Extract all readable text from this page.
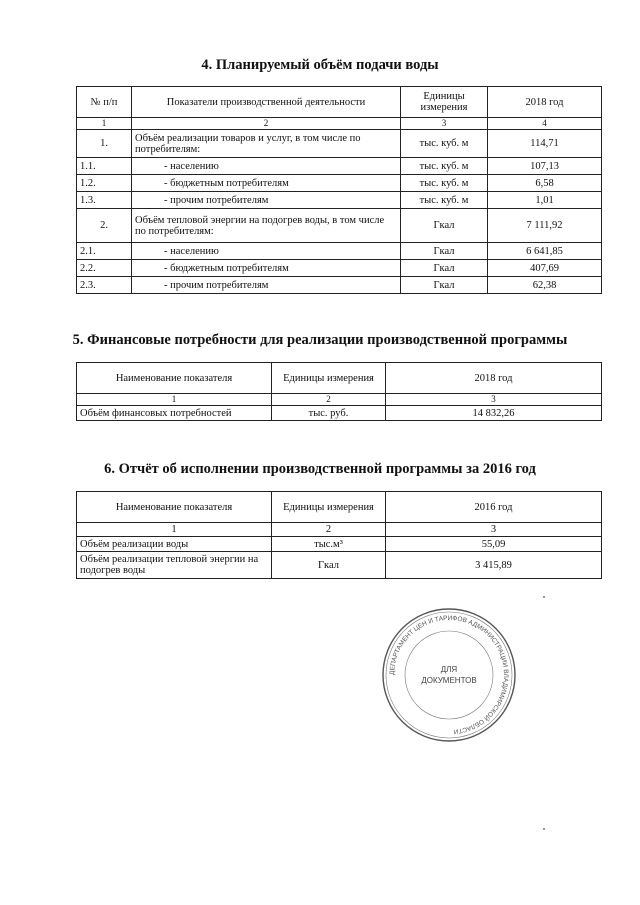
4. Планируемый объём подачи воды
№ п/п	Показатели производственной деятельности	Единицы измерения	2018 год
1	2	3	4
1.	Объём реализации товаров и услуг, в том числе по потребителям:	тыс. куб. м	114,71
1.1.	- населению	тыс. куб. м	107,13
1.2.	- бюджетным потребителям	тыс. куб. м	6,58
1.3.	- прочим потребителям	тыс. куб. м	1,01
2.	Объём тепловой энергии на подогрев воды, в том числе по потребителям:	Гкал	7 111,92
2.1.	- населению	Гкал	6 641,85
2.2.	- бюджетным потребителям	Гкал	407,69
2.3.	- прочим потребителям	Гкал	62,38
5. Финансовые потребности для реализации производственной программы
Наименование показателя	Единицы измерения	2018 год
1	2	3
Объём финансовых потребностей	тыс. руб.	14 832,26
6. Отчёт об исполнении производственной программы за 2016 год
Наименование показателя	Единицы измерения	2016 год
1	2	3
Объём реализации воды	тыс.м³	55,09
Объём реализации тепловой энергии на подогрев воды	Гкал	3 415,89
ДЕПАРТАМЕНТ ЦЕН И ТАРИФОВ АДМИНИСТРАЦИИ ВЛАДИМИРСКОЙ ОБЛАСТИ
ДЛЯ
ДОКУМЕНТОВ
